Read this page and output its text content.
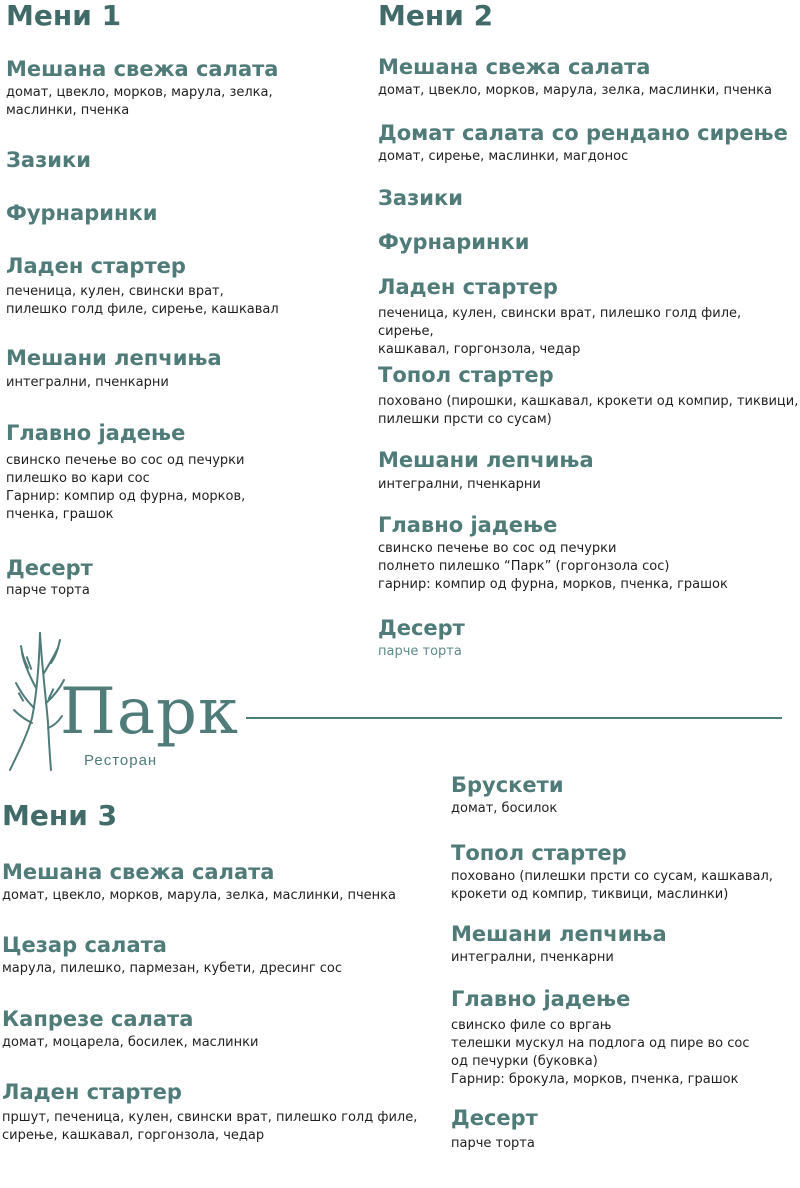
Мени 1
Мешана свежа салата

домат, цвекло, морков, марула, зелка,
маслинки, пченка

Зазики
Фурнаринки
Ладен стартер

печеница, кулен, свински врат,
пилешко голд филе, сирење, кашкавал

Мешани лепчиња

интегрални, пченкарни

Главно јадење

свинско печење во сос од печурки
пилешко во кари сос
Гарнир: компир од фурна, морков,
пченка, грашок

Десерт

парче торта

Мени 2
Мешана свежа салата

домат, цвекло, морков, марула, зелка, маслинки, пченка

Домат салата со рендано сирење

домат, сирење, маслинки, магдонос

Зазики
Фурнаринки
Ладен стартер

печеница, кулен, свински врат, пилешко голд филе, сирење,
кашкавал, горгонзола, чедар

Топол стартер

поховано (пирошки, кашкавал, крокети од компир, тиквици,
пилешки прсти со сусам)

Мешани лепчиња

интегрални, пченкарни

Главно јадење

свинско печење во сос од печурки
полнето пилешко “Парк” (горгонзола сос)
гарнир: компир од фурна, морков, пченка, грашок

Десерт

парче торта

Парк
Ресторан
Мени 3
Мешана свежа салата

домат, цвекло, морков, марула, зелка, маслинки, пченка

Цезар салата

марула, пилешко, пармезан, кубети, дресинг сос

Капрезе салата

домат, моцарела, босилек, маслинки

Ладен стартер

пршут, печеница, кулен, свински врат, пилешко голд филе,
сирење, кашкавал, горгонзола, чедар

Брускети

домат, босилок

Топол стартер

поховано (пилешки прсти со сусам, кашкавал,
крокети од компир, тиквици, маслинки)

Мешани лепчиња

интегрални, пченкарни

Главно јадење

свинско филе со вргањ
телешки мускул на подлога од пире во сос
од печурки (буковка)
Гарнир: брокула, морков, пченка, грашок

Десерт

парче торта
